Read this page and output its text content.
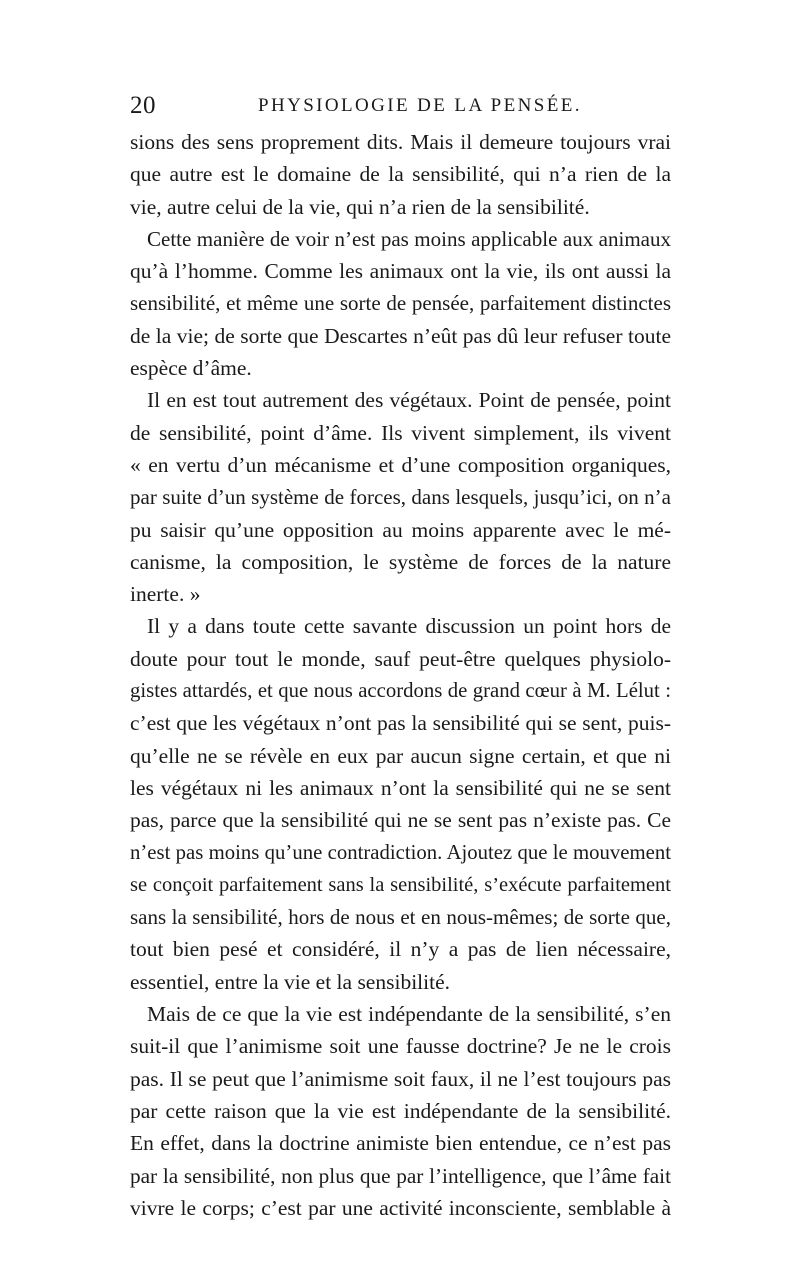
20	PHYSIOLOGIE DE LA PENSÉE.
sions des sens proprement dits. Mais il demeure toujours vrai
que autre est le domaine de la sensibilité, qui n’a rien de la
vie, autre celui de la vie, qui n’a rien de la sensibilité.
Cette manière de voir n’est pas moins applicable aux animaux
qu’à l’homme. Comme les animaux ont la vie, ils ont aussi la
sensibilité, et même une sorte de pensée, parfaitement distinctes
de la vie; de sorte que Descartes n’eût pas dû leur refuser toute
espèce d’âme.
Il en est tout autrement des végétaux. Point de pensée, point
de sensibilité, point d’âme. Ils vivent simplement, ils vivent
« en vertu d’un mécanisme et d’une composition organiques,
par suite d’un système de forces, dans lesquels, jusqu’ici, on n’a
pu saisir qu’une opposition au moins apparente avec le mé-
canisme, la composition, le système de forces de la nature
inerte. »
Il y a dans toute cette savante discussion un point hors de
doute pour tout le monde, sauf peut-être quelques physiolo-
gistes attardés, et que nous accordons de grand cœur à M. Lélut :
c’est que les végétaux n’ont pas la sensibilité qui se sent, puis-
qu’elle ne se révèle en eux par aucun signe certain, et que ni
les végétaux ni les animaux n’ont la sensibilité qui ne se sent
pas, parce que la sensibilité qui ne se sent pas n’existe pas. Ce
n’est pas moins qu’une contradiction. Ajoutez que le mouvement
se conçoit parfaitement sans la sensibilité, s’exécute parfaitement
sans la sensibilité, hors de nous et en nous-mêmes; de sorte que,
tout bien pesé et considéré, il n’y a pas de lien nécessaire,
essentiel, entre la vie et la sensibilité.
Mais de ce que la vie est indépendante de la sensibilité, s’en
suit-il que l’animisme soit une fausse doctrine? Je ne le crois
pas. Il se peut que l’animisme soit faux, il ne l’est toujours pas
par cette raison que la vie est indépendante de la sensibilité.
En effet, dans la doctrine animiste bien entendue, ce n’est pas
par la sensibilité, non plus que par l’intelligence, que l’âme fait
vivre le corps; c’est par une activité inconsciente, semblable à
